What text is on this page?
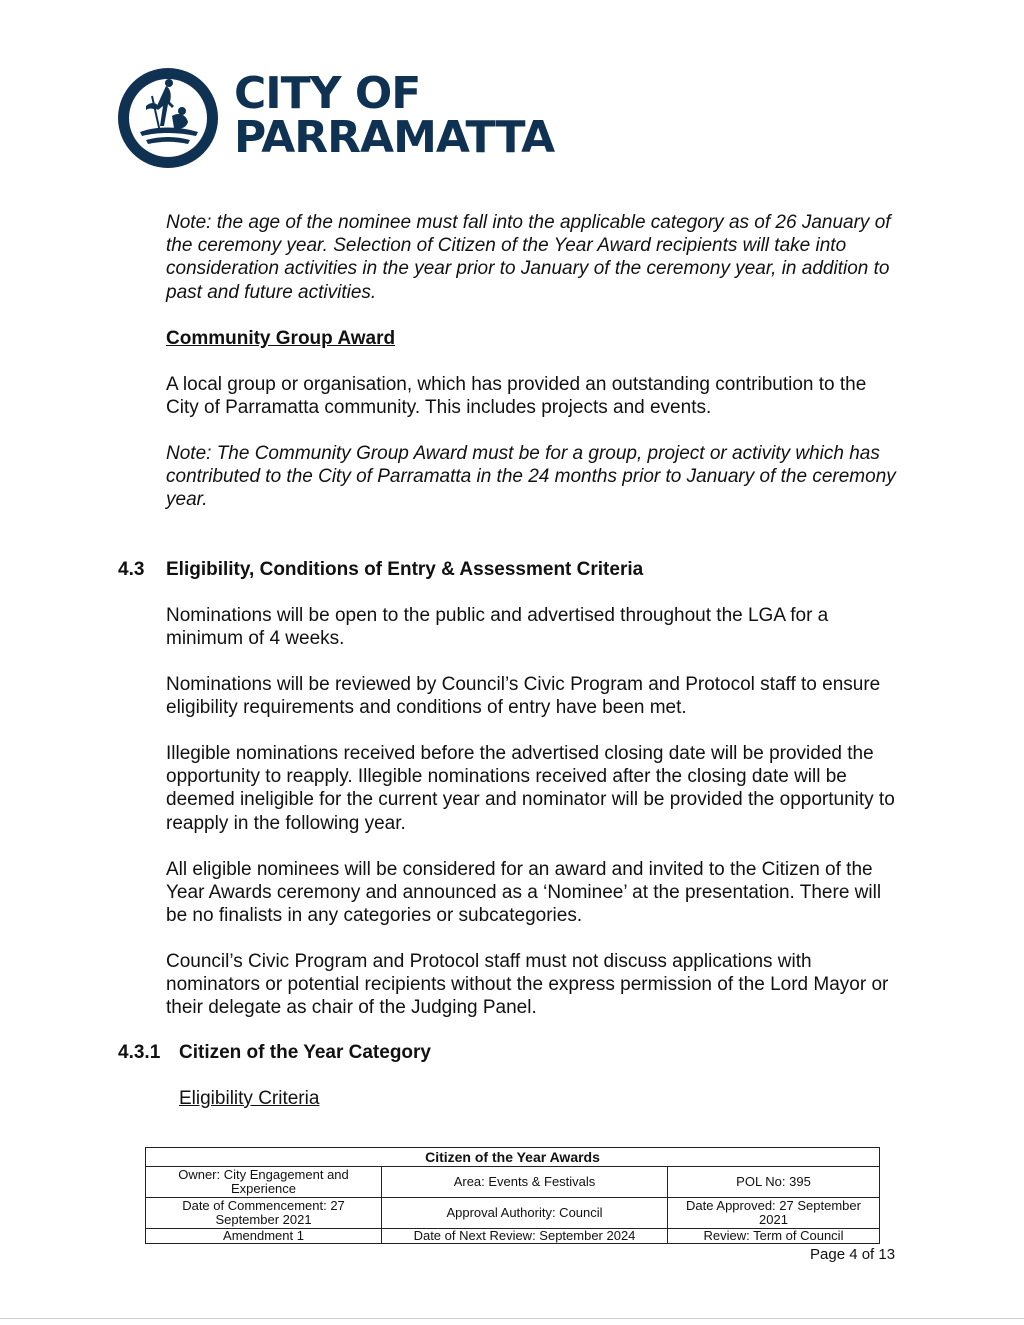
CITY OF
PARRAMATTA

Note: the age of the nominee must fall into the applicable category as of 26 January of the ceremony year. Selection of Citizen of the Year Award recipients will take into consideration activities in the year prior to January of the ceremony year, in addition to past and future activities.

Community Group Award

A local group or organisation, which has provided an outstanding contribution to the City of Parramatta community. This includes projects and events.

Note: The Community Group Award must be for a group, project or activity which has contributed to the City of Parramatta in the 24 months prior to January of the ceremony year.

4.3 Eligibility, Conditions of Entry & Assessment Criteria

Nominations will be open to the public and advertised throughout the LGA for a minimum of 4 weeks.

Nominations will be reviewed by Council’s Civic Program and Protocol staff to ensure eligibility requirements and conditions of entry have been met.

Illegible nominations received before the advertised closing date will be provided the opportunity to reapply. Illegible nominations received after the closing date will be deemed ineligible for the current year and nominator will be provided the opportunity to reapply in the following year.

All eligible nominees will be considered for an award and invited to the Citizen of the Year Awards ceremony and announced as a ‘Nominee’ at the presentation. There will be no finalists in any categories or subcategories.

Council’s Civic Program and Protocol staff must not discuss applications with nominators or potential recipients without the express permission of the Lord Mayor or their delegate as chair of the Judging Panel.

4.3.1 Citizen of the Year Category
Eligibility Criteria
Citizen of the Year Awards		
Owner: City Engagement and Experience	Area: Events & Festivals	POL No: 395
Date of Commencement: 27 September 2021	Approval Authority: Council	Date Approved: 27 September 2021
Amendment 1	Date of Next Review: September 2024	Review: Term of Council
Page 4 of 13
